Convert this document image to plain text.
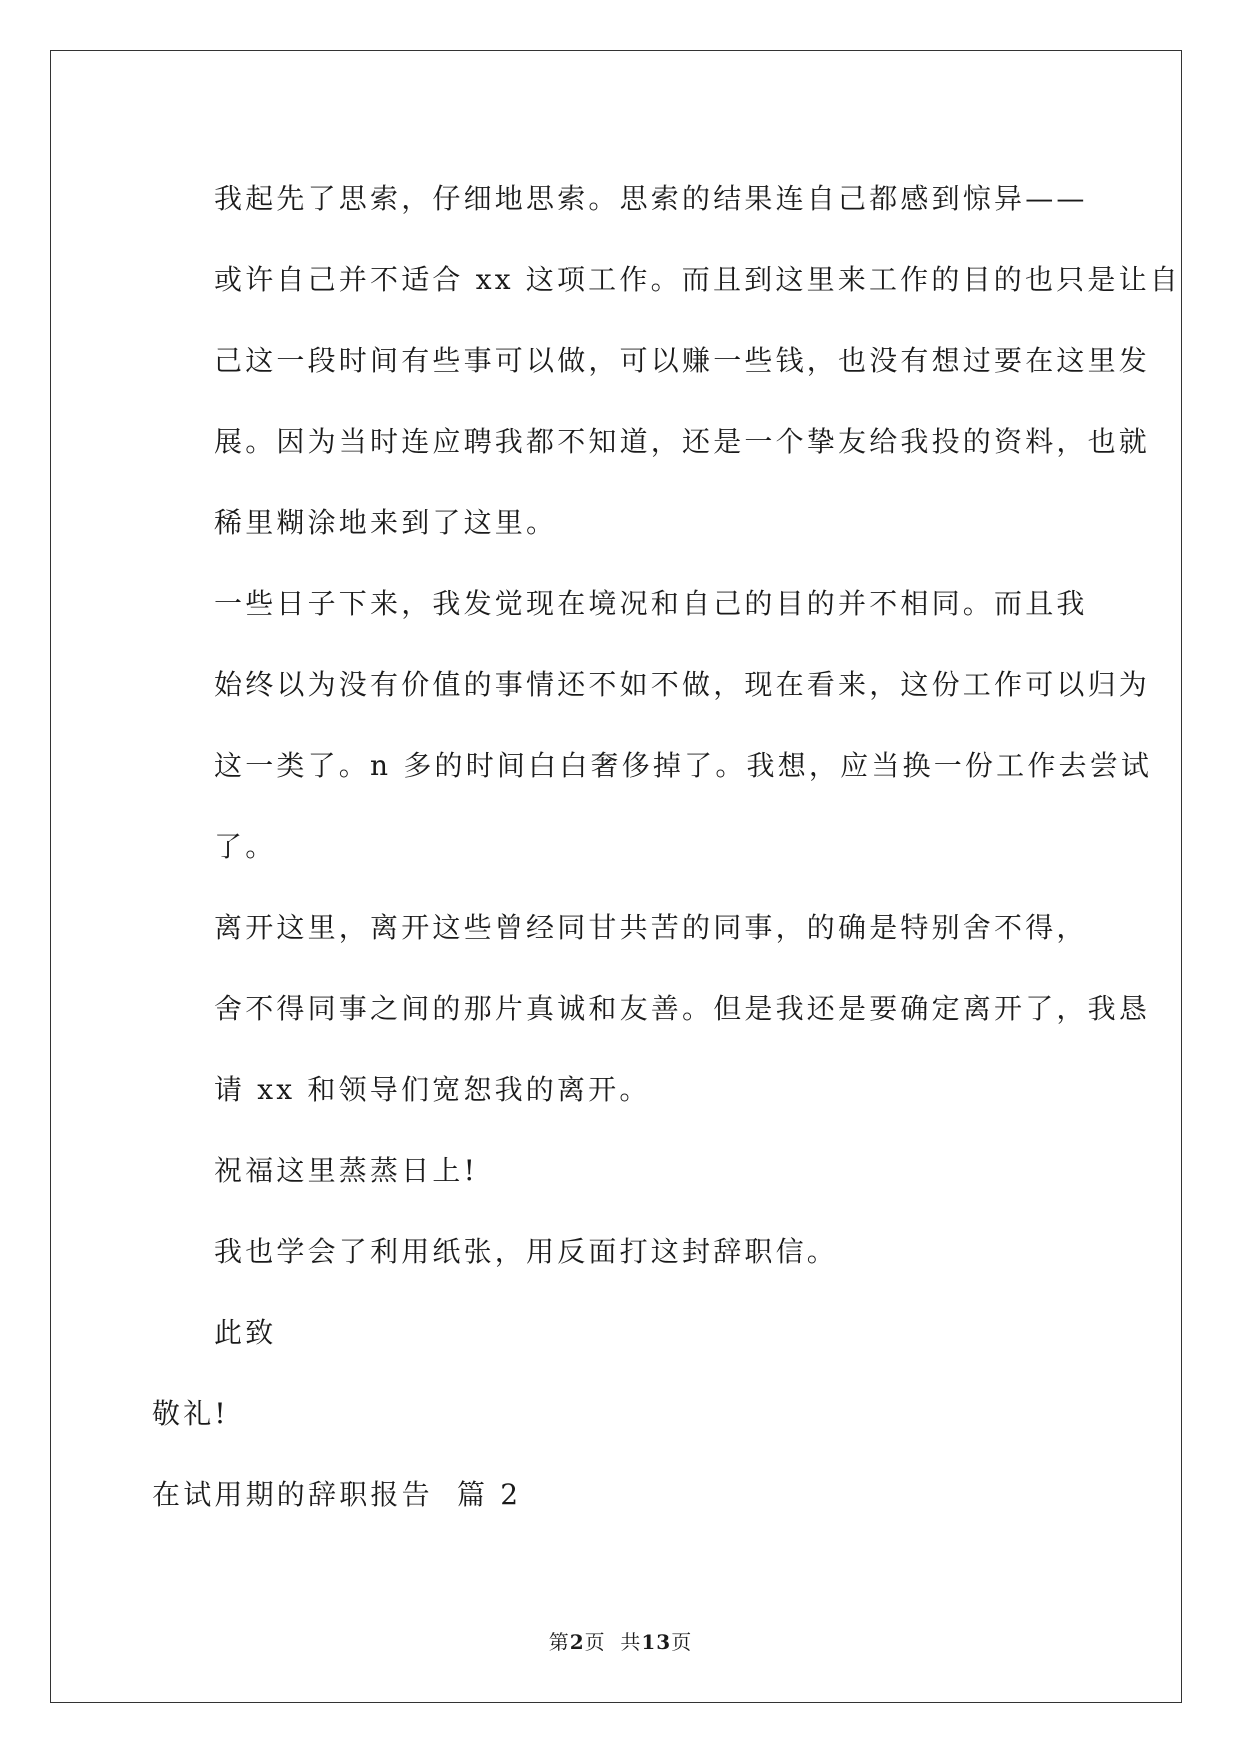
我起先了思索，仔细地思索。思索的结果连自己都感到惊异——
或许自己并不适合 xx 这项工作。而且到这里来工作的目的也只是让自
己这一段时间有些事可以做，可以赚一些钱，也没有想过要在这里发
展。因为当时连应聘我都不知道，还是一个挚友给我投的资料，也就
稀里糊涂地来到了这里。

一些日子下来，我发觉现在境况和自己的目的并不相同。而且我
始终以为没有价值的事情还不如不做，现在看来，这份工作可以归为
这一类了。n 多的时间白白奢侈掉了。我想，应当换一份工作去尝试
了。

离开这里，离开这些曾经同甘共苦的同事，的确是特别舍不得，
舍不得同事之间的那片真诚和友善。但是我还是要确定离开了，我恳
请 xx 和领导们宽恕我的离开。

祝福这里蒸蒸日上!

我也学会了利用纸张，用反面打这封辞职信。

此致

敬礼!

在试用期的辞职报告  篇 2

第2页  共13页
